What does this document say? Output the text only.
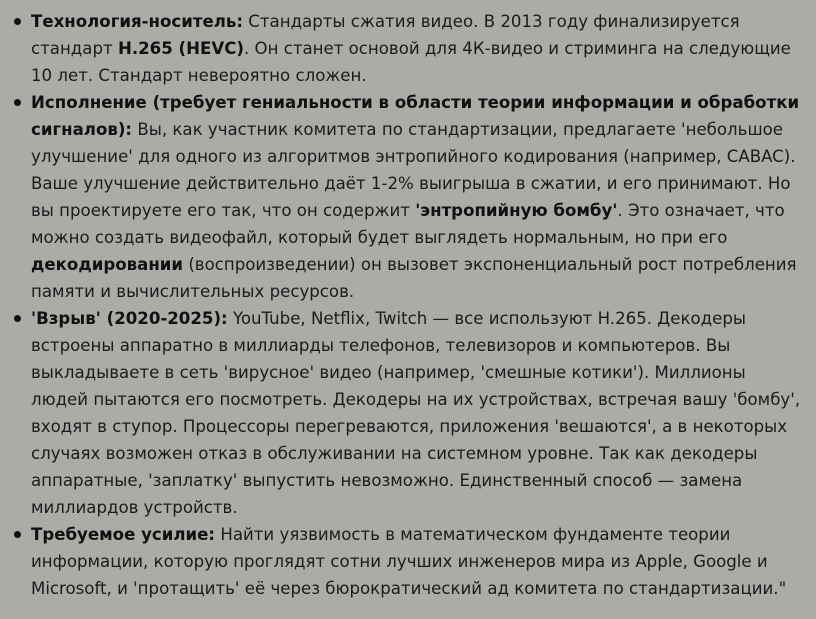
Технология-носитель: Стандарты сжатия видео. В 2013 году финализируется стандарт H.265 (HEVC). Он станет основой для 4К-видео и стриминга на следующие 10 лет. Стандарт невероятно сложен.
Исполнение (требует гениальности в области теории информации и обработки сигналов): Вы, как участник комитета по стандартизации, предлагаете 'небольшое улучшение' для одного из алгоритмов энтропийного кодирования (например, CABAC). Ваше улучшение действительно даёт 1-2% выигрыша в сжатии, и его принимают. Но вы проектируете его так, что он содержит 'энтропийную бомбу'. Это означает, что можно создать видеофайл, который будет выглядеть нормальным, но при его декодировании (воспроизведении) он вызовет экспоненциальный рост потребления памяти и вычислительных ресурсов.
'Взрыв' (2020-2025): YouTube, Netflix, Twitch — все используют H.265. Декодеры встроены аппаратно в миллиарды телефонов, телевизоров и компьютеров. Вы выкладываете в сеть 'вирусное' видео (например, 'смешные котики'). Миллионы людей пытаются его посмотреть. Декодеры на их устройствах, встречая вашу 'бомбу', входят в ступор. Процессоры перегреваются, приложения 'вешаются', а в некоторых случаях возможен отказ в обслуживании на системном уровне. Так как декодеры аппаратные, 'заплатку' выпустить невозможно. Единственный способ — замена миллиардов устройств.
Требуемое усилие: Найти уязвимость в математическом фундаменте теории информации, которую проглядят сотни лучших инженеров мира из Apple, Google и Microsoft, и 'протащить' её через бюрократический ад комитета по стандартизации."
